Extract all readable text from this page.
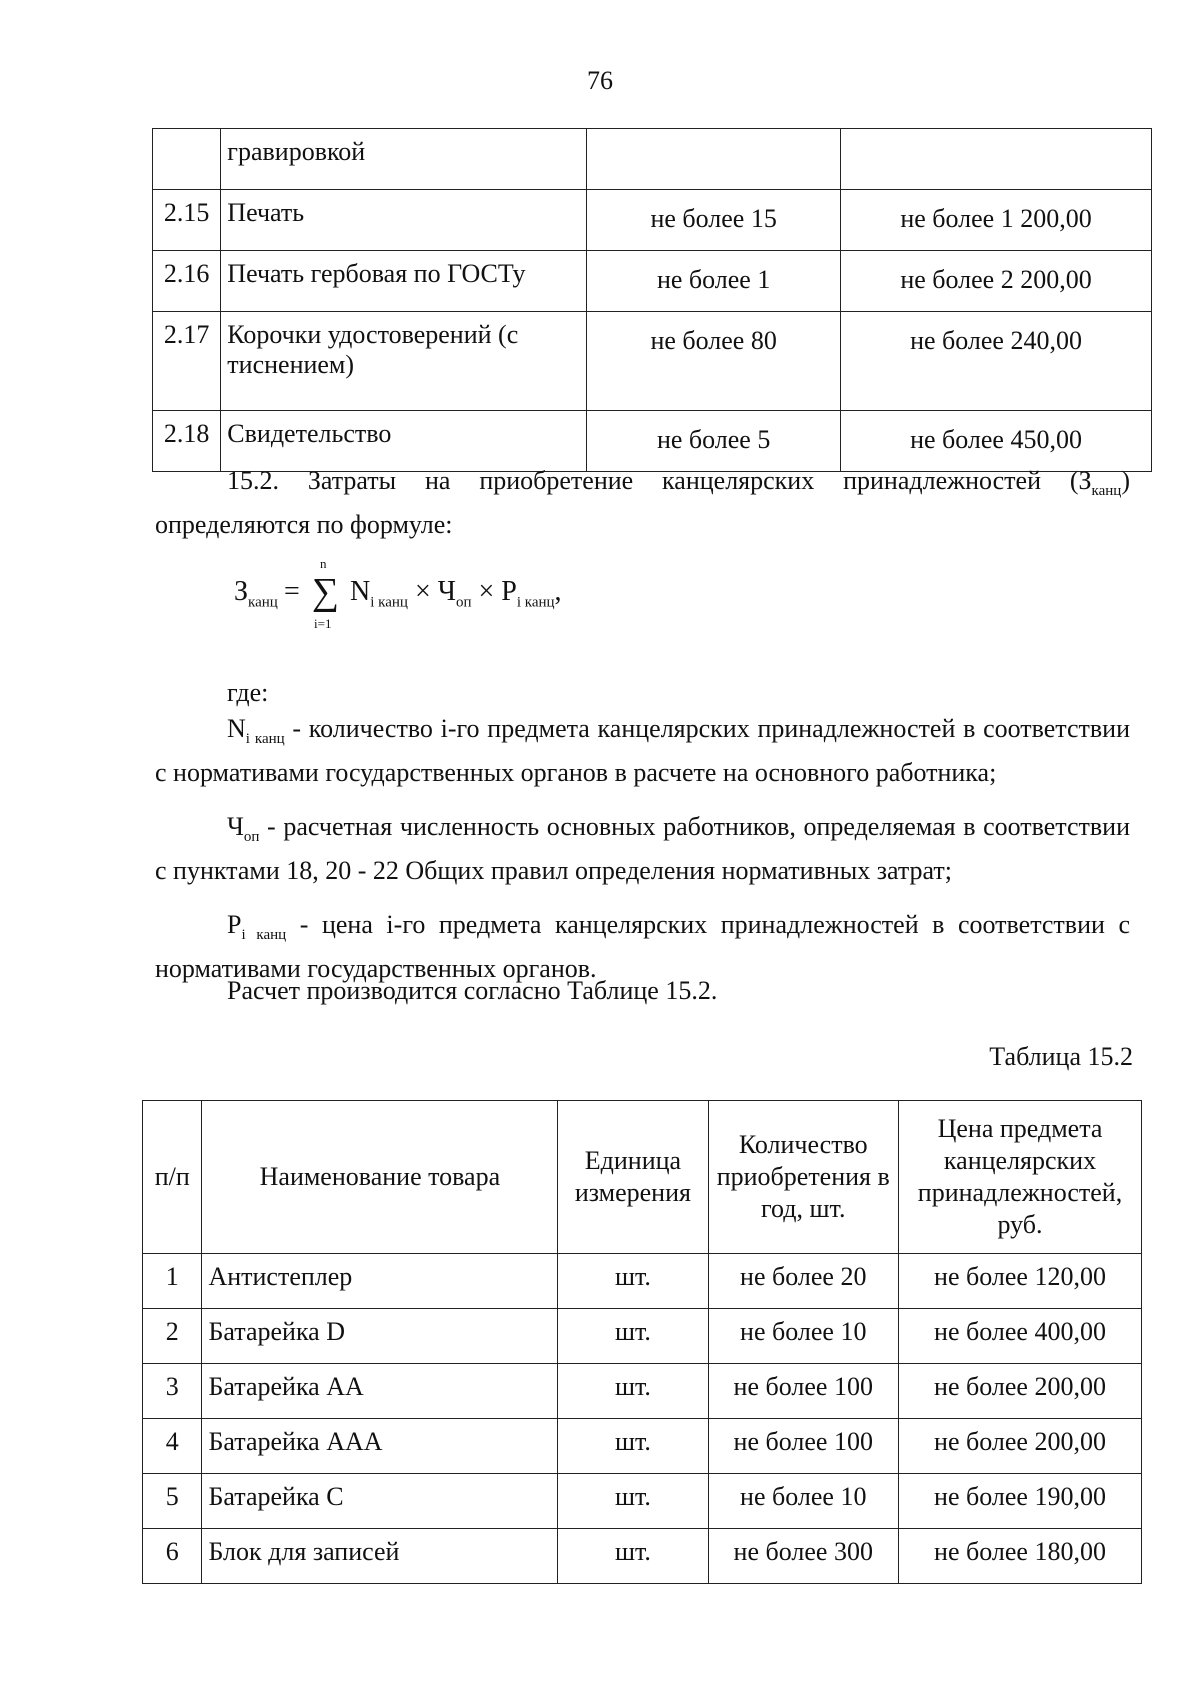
76
	гравировкой		
2.15	Печать	не более 15	не более 1 200,00
2.16	Печать гербовая по ГОСТу	не более 1	не более 2 200,00
2.17	Корочки удостоверений (с тиснением)	не более 80	не более 240,00
2.18	Свидетельство	не более 5	не более 450,00
15.2. Затраты на приобретение канцелярских принадлежностей $(З_{канц})$ определяются по формуле:
$З_{канц}$ =
n
∑
i=1
$N_{i канц} \times Ч_{оп} \times P_{i канц}$,
где:
$N_{i канц}$ - количество i-го предмета канцелярских принадлежностей в соответствии с нормативами государственных органов в расчете на основного работника;
$Ч_{оп}$ - расчетная численность основных работников, определяемая в соответствии с пунктами 18, 20 - 22 Общих правил определения нормативных затрат;
$P_{i канц}$ - цена i-го предмета канцелярских принадлежностей в соответствии с нормативами государственных органов.
Расчет производится согласно Таблице 15.2.
Таблица 15.2
п/п	Наименование товара	Единица измерения	Количество приобретения в год, шт.	Цена предмета канцелярских принадлежностей, руб.
1	Антистеплер	шт.	не более 20	не более 120,00
2	Батарейка D	шт.	не более 10	не более 400,00
3	Батарейка АА	шт.	не более 100	не более 200,00
4	Батарейка ААА	шт.	не более 100	не более 200,00
5	Батарейка С	шт.	не более 10	не более 190,00
6	Блок для записей	шт.	не более 300	не более 180,00
